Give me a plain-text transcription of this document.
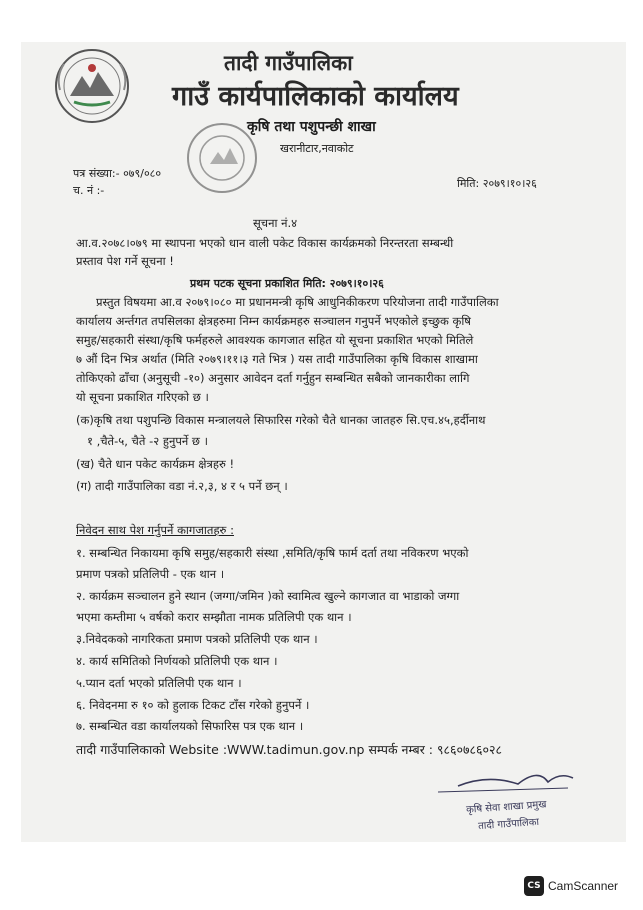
तादी गाउँपालिका
गाउँ कार्यपालिकाको कार्यालय
कृषि तथा पशुपन्छी शाखा
खरानीटार,नवाकोट
पत्र संख्या:- ०७९/०८०
च. नं :-
मिति: २०७९।१०।२६
सूचना नं.४
आ.व.२०७८।०७९ मा स्थापना भएको धान वाली पकेट विकास कार्यक्रमको निरन्तरता सम्बन्धी
प्रस्ताव पेश गर्ने सूचना !
प्रथम पटक सूचना प्रकाशित मिति: २०७९।१०।२६
प्रस्तुत विषयमा आ.व २०७९।०८० मा प्रधानमन्त्री कृषि आधुनिकीकरण परियोजना तादी गाउँपालिका
कार्यालय अर्न्तगत तपसिलका क्षेत्रहरुमा निम्न कार्यक्रमहरु सञ्चालन गनुपर्ने भएकोले इच्छुक कृषि
समुह/सहकारी संस्था/कृषि फर्महरुले आवश्यक कागजात सहित यो सूचना प्रकाशित भएको मितिले
७ औं दिन भित्र अर्थात (मिति २०७९।११।३ गते भित्र ) यस तादी गाउँपालिका कृषि विकास शाखामा
तोकिएको ढाँचा (अनुसूची -१०) अनुसार आवेदन दर्ता गर्नुहुन सम्बन्धित सबैको जानकारीका लागि
यो सूचना प्रकाशित गरिएको छ ।
(क)कृषि तथा पशुपन्छि विकास मन्त्रालयले सिफारिस गरेको चैते धानका जातहरु सि.एच.४५,हर्दीनाथ
१ ,चैते-५, चैते -२ हुनुपर्ने छ ।
(ख) चैते धान पकेट कार्यक्रम क्षेत्रहरु !
(ग) तादी गाउँपालिका वडा नं.२,३, ४ र ५ पर्ने छन् ।
निवेदन साथ पेश गर्नुपर्ने कागजातहरु :
१. सम्बन्धित निकायमा कृषि समुह/सहकारी संस्था ,समिति/कृषि फार्म दर्ता तथा नविकरण भएको
प्रमाण पत्रको प्रतिलिपी - एक थान ।
२. कार्यक्रम सञ्चालन हुने स्थान (जग्गा/जमिन )को स्वामित्व खुल्ने कागजात वा भाडाको जग्गा
भएमा कम्तीमा ५ वर्षको करार सम्झौता नामक प्रतिलिपी एक थान ।
३.निवेदकको नागरिकता प्रमाण पत्रको प्रतिलिपी एक थान ।
४. कार्य समितिको निर्णयको प्रतिलिपी एक थान ।
५.प्यान दर्ता भएको प्रतिलिपी एक थान ।
६. निवेदनमा रु १० को हुलाक टिकट टाँस गरेको हुनुपर्ने ।
७. सम्बन्धित वडा कार्यालयको सिफारिस पत्र एक थान ।
तादी गाउँपालिकाको Website :WWW.tadimun.gov.np सम्पर्क नम्बर : ९८६०७८६०२८
कृषि सेवा शाखा प्रमुख
तादी गाउँपालिका
CS CamScanner
